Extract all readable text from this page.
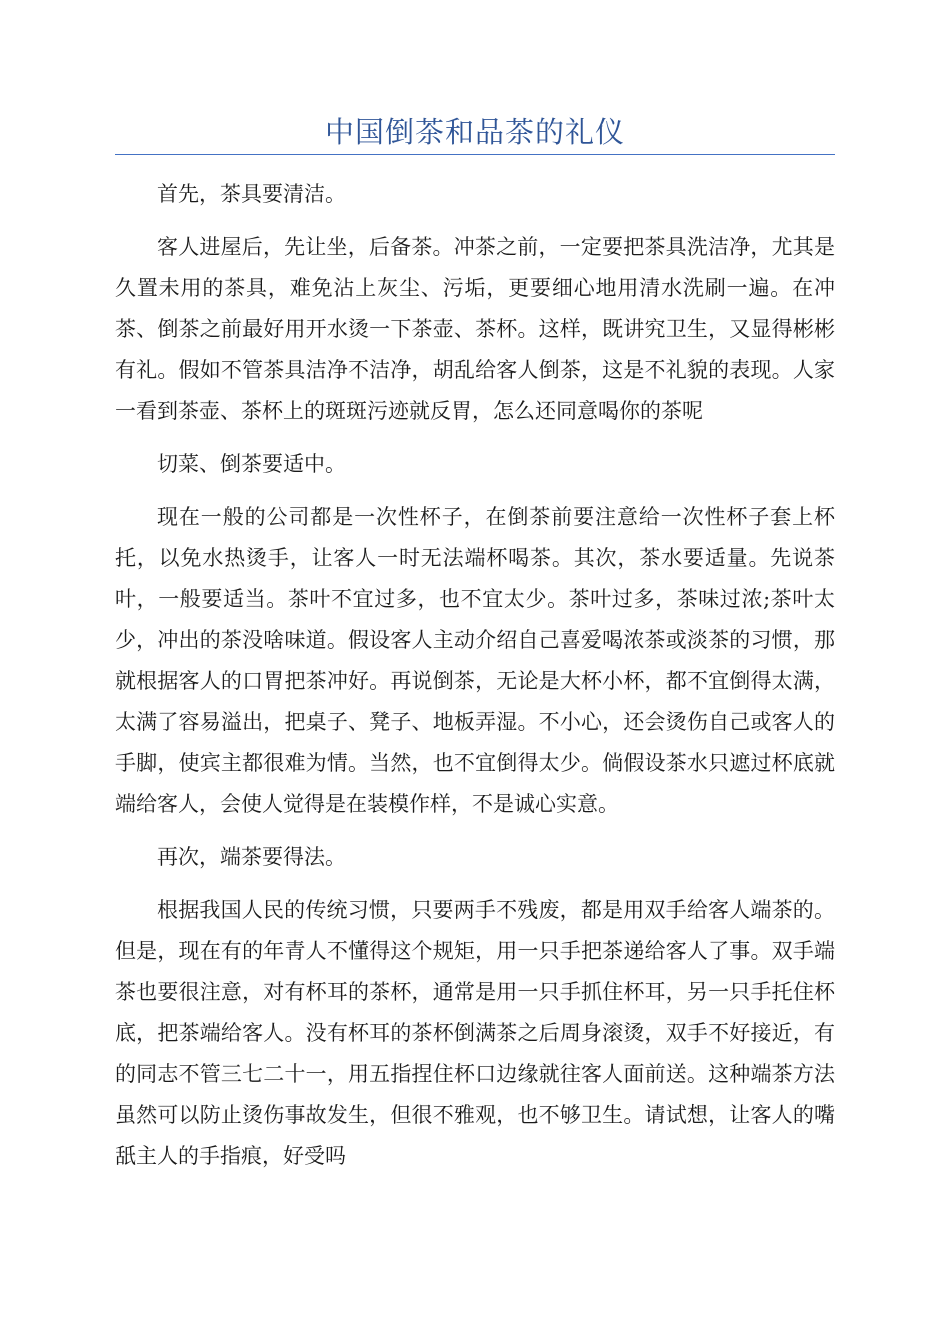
中国倒茶和品茶的礼仪

首先，茶具要清洁。

客人进屋后，先让坐，后备茶。冲茶之前，一定要把茶具洗洁净，尤其是久置未用的茶具，难免沾上灰尘、污垢，更要细心地用清水洗刷一遍。在冲茶、倒茶之前最好用开水烫一下茶壶、茶杯。这样，既讲究卫生，又显得彬彬有礼。假如不管茶具洁净不洁净，胡乱给客人倒茶，这是不礼貌的表现。人家一看到茶壶、茶杯上的斑斑污迹就反胃，怎么还同意喝你的茶呢

切菜、倒茶要适中。

现在一般的公司都是一次性杯子，在倒茶前要注意给一次性杯子套上杯托，以免水热烫手，让客人一时无法端杯喝茶。其次，茶水要适量。先说茶叶，一般要适当。茶叶不宜过多，也不宜太少。茶叶过多，茶味过浓;茶叶太少，冲出的茶没啥味道。假设客人主动介绍自己喜爱喝浓茶或淡茶的习惯，那就根据客人的口胃把茶冲好。再说倒茶，无论是大杯小杯，都不宜倒得太满，太满了容易溢出，把桌子、凳子、地板弄湿。不小心，还会烫伤自己或客人的手脚，使宾主都很难为情。当然，也不宜倒得太少。倘假设茶水只遮过杯底就端给客人，会使人觉得是在装模作样，不是诚心实意。

再次，端茶要得法。

根据我国人民的传统习惯，只要两手不残废，都是用双手给客人端茶的。但是，现在有的年青人不懂得这个规矩，用一只手把茶递给客人了事。双手端茶也要很注意，对有杯耳的茶杯，通常是用一只手抓住杯耳，另一只手托住杯底，把茶端给客人。没有杯耳的茶杯倒满茶之后周身滚烫，双手不好接近，有的同志不管三七二十一，用五指捏住杯口边缘就往客人面前送。这种端茶方法虽然可以防止烫伤事故发生，但很不雅观，也不够卫生。请试想，让客人的嘴舐主人的手指痕，好受吗
